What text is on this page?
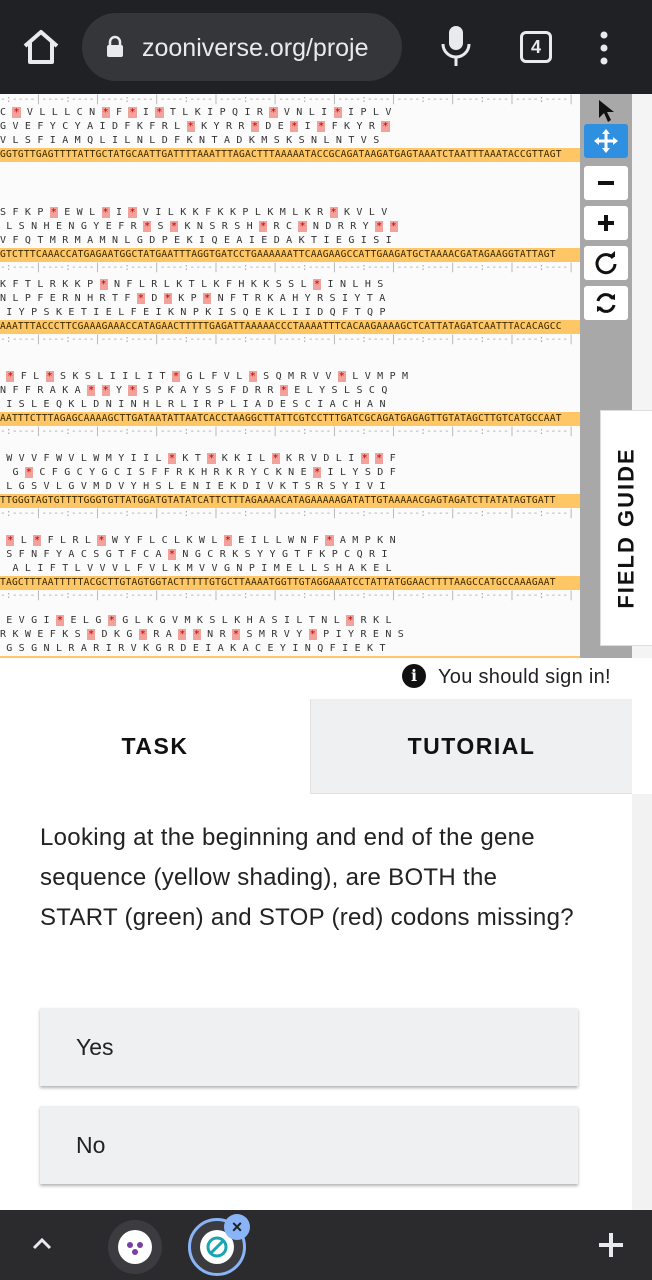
zooniverse.org/proje	4
-:----|----:----|----:----|----:----|----:----|----:----|----:----|----:----|----:----|----:----|
C * V L L L C N * F * I * T L K I P Q I R * V N L I * I P L V
G V E F Y C Y A I D F K F R L * K Y R R * D E * I * F K Y R *
V L S F I A M Q L I L N L D F K N T A D K M S K S N L N T V S
GGTGTTGAGTTTTATTGCTATGCAATTGATTTTAAATTTAGACTTTAAAAATACCGCAGATAAGATGAGTAAATCTAATTTAAATACCGTTAGT
S F K P * E W L * I * V I L K K F K K P L K M L K R * K V L V
L S N H E N G Y E F R * S * K N S R S H * R C * N D R R Y * *
V F Q T M R M A M N L G D P E K I Q E A I E D A K T I E G I S I
GTCTTTCAAACCATGAGAATGGCTATGAATTTAGGTGATCCTGAAAAAATTCAAGAAGCCATTGAAGATGCTAAAACGATAGAAGGTATTAGT
-:----|----:----|----:----|----:----|----:----|----:----|----:----|----:----|----:----|----:----|
K F T L R K K P * N F L R L K T L K F H K K S S L * I N L H S
N L P F E R N H R T F * D * K P * N F T R K A H Y R S I Y T A
I Y P S K E T I E L F E I K N P K I S Q E K L I I D Q F T Q P
AAATTTACCCTTCGAAAGAAACCATAGAACTTTTTGAGATTAAAAACCCTAAAATTTCACAAGAAAAGCTCATTATAGATCAATTTACACAGCC
-:----|----:----|----:----|----:----|----:----|----:----|----:----|----:----|----:----|----:----|
* F L * S K S L I I L I T * G L F V L * S Q M R V V * L V M P M
N F F R A K A * * Y * S P K A Y S S F D R R * E L Y S L S C Q
I S L E Q K L D N I N H L R L I R P L I A D E S C I A C H A N
AATTTCTTTAGAGCAAAAGCTTGATAATATTAATCACCTAAGGCTTATTCGTCCTTTGATCGCAGATGAGAGTTGTATAGCTTGTCATGCCAAT
-:----|----:----|----:----|----:----|----:----|----:----|----:----|----:----|----:----|----:----|
W V V F W V L W M Y I I L * K T * K K I L * K R V D L I * * F
G * C F G C Y G C I S F F R K H R K R Y C K N E * I L Y S D F
L G S V L G V M D V Y H S L E N I E K D I V K T S R S Y I V I
TTGGGTAGTGTTTTGGGTGTTATGGATGTATATCATTCTTTAGAAAACATAGAAAAAGATATTGTAAAAACGAGTAGATCTTATATAGTGATT
-:----|----:----|----:----|----:----|----:----|----:----|----:----|----:----|----:----|----:----|
* L * F L R L * W Y F L C L K W L * E I L L W N F * A M P K N
S F N F Y A C S G T F C A * N G C R K S Y Y G T F K P C Q R I
A L I F T L V V V L F V L K M V V G N P I M E L L S H A K E L
TAGCTTTAATTTTTACGCTTGTAGTGGTACTTTTTGTGCTTAAAATGGTTGTAGGAAATCCTATTATGGAACTTTTAAGCCATGCCAAAGAAT
-:----|----:----|----:----|----:----|----:----|----:----|----:----|----:----|----:----|----:----|
E V G I * E L G * G L K G V M K S L K H A S I L T N L * R K L
R K W E F K S * D K G * R A * * N R * S M R V Y * P I Y R E N S
G S G N L R A R I R V K G R D E I A K A C E Y I N Q F I E K T
FIELD GUIDE
i	You should sign in!
TASK	TUTORIAL
Looking at the beginning and end of the gene sequence (yellow shading), are BOTH the START (green) and STOP (red) codons missing?
Yes
No
×
